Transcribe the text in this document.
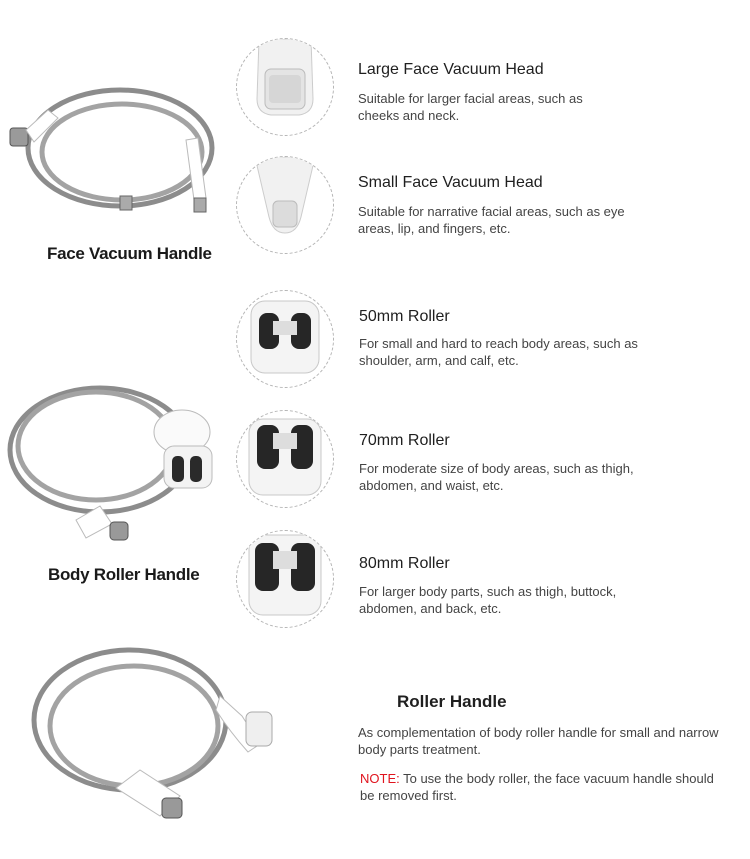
Face Vacuum Handle
Large Face Vacuum Head
Suitable for larger facial areas, such as cheeks and neck.
Small Face Vacuum Head
Suitable for narrative facial areas, such as eye areas, lip, and fingers, etc.
Body Roller Handle
50mm Roller
For small and hard to reach body areas, such as shoulder, arm, and calf, etc.
70mm Roller
For moderate size of body areas, such as thigh, abdomen, and waist, etc.
80mm Roller
For larger body parts, such as thigh, buttock, abdomen, and back, etc.
Roller Handle
As complementation of body roller handle for small and narrow body parts treatment.
NOTE: To use the body roller, the face vacuum handle should be removed first.
